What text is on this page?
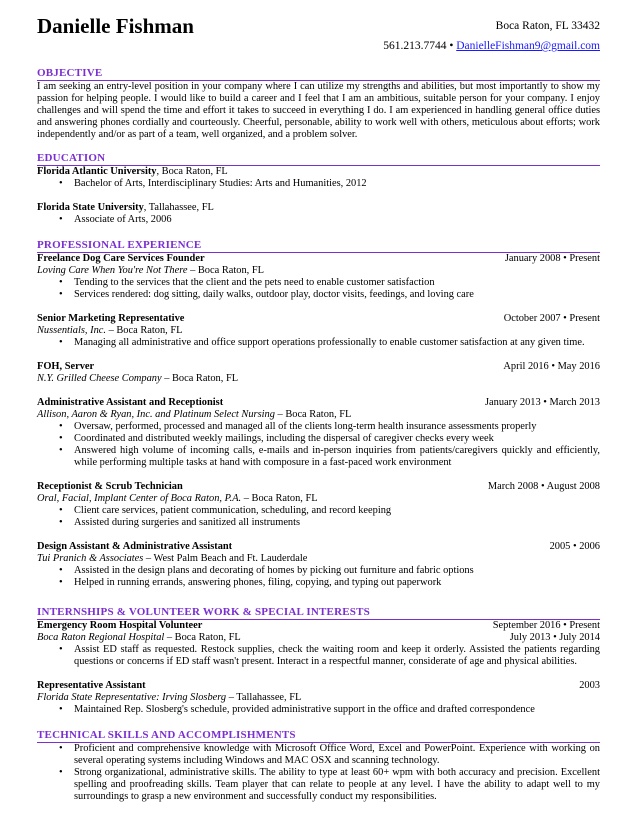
Danielle Fishman	Boca Raton, FL 33432
561.213.7744 • DanielleFishman9@gmail.com
OBJECTIVE
I am seeking an entry-level position in your company where I can utilize my strengths and abilities, but most importantly to show my passion for helping people. I would like to build a career and I feel that I am an ambitious, suitable person for your company. I enjoy challenges and will spend the time and effort it takes to succeed in everything I do. I am experienced in handling general office duties and answering phones cordially and courteously. Cheerful, personable, ability to work well with others, meticulous about efforts; work independently and/or as part of a team, well organized, and a problem solver.
EDUCATION
Florida Atlantic University, Boca Raton, FL
• Bachelor of Arts, Interdisciplinary Studies: Arts and Humanities, 2012
Florida State University, Tallahassee, FL
• Associate of Arts, 2006
PROFESSIONAL EXPERIENCE
Freelance Dog Care Services Founder	January 2008 • Present
Loving Care When You're Not There – Boca Raton, FL
• Tending to the services that the client and the pets need to enable customer satisfaction
• Services rendered: dog sitting, daily walks, outdoor play, doctor visits, feedings, and loving care
Senior Marketing Representative	October 2007 • Present
Nussentials, Inc. – Boca Raton, FL
• Managing all administrative and office support operations professionally to enable customer satisfaction at any given time.
FOH, Server	April 2016 • May 2016
N.Y. Grilled Cheese Company – Boca Raton, FL
Administrative Assistant and Receptionist	January 2013 • March 2013
Allison, Aaron & Ryan, Inc. and Platinum Select Nursing – Boca Raton, FL
• Oversaw, performed, processed and managed all of the clients long-term health insurance assessments properly
• Coordinated and distributed weekly mailings, including the dispersal of caregiver checks every week
• Answered high volume of incoming calls, e-mails and in-person inquiries from patients/caregivers quickly and efficiently, while performing multiple tasks at hand with composure in a fast-paced work environment
Receptionist & Scrub Technician	March 2008 • August 2008
Oral, Facial, Implant Center of Boca Raton, P.A. – Boca Raton, FL
• Client care services, patient communication, scheduling, and record keeping
• Assisted during surgeries and sanitized all instruments
Design Assistant & Administrative Assistant	2005 • 2006
Tui Pranich & Associates – West Palm Beach and Ft. Lauderdale
• Assisted in the design plans and decorating of homes by picking out furniture and fabric options
• Helped in running errands, answering phones, filing, copying, and typing out paperwork
INTERNSHIPS & VOLUNTEER WORK & SPECIAL INTERESTS
Emergency Room Hospital Volunteer	September 2016 • Present
Boca Raton Regional Hospital – Boca Raton, FL	July 2013 • July 2014
• Assist ED staff as requested. Restock supplies, check the waiting room and keep it orderly. Assisted the patients regarding questions or concerns if ED staff wasn't present. Interact in a respectful manner, considerate of age and physical abilities.
Representative Assistant	2003
Florida State Representative: Irving Slosberg – Tallahassee, FL
• Maintained Rep. Slosberg's schedule, provided administrative support in the office and drafted correspondence
TECHNICAL SKILLS AND ACCOMPLISHMENTS
• Proficient and comprehensive knowledge with Microsoft Office Word, Excel and PowerPoint. Experience with working on several operating systems including Windows and MAC OSX and scanning technology.
• Strong organizational, administrative skills. The ability to type at least 60+ wpm with both accuracy and precision. Excellent spelling and proofreading skills. Team player that can relate to people at any level. I have the ability to adapt well to my surroundings to grasp a new environment and successfully conduct my responsibilities.
